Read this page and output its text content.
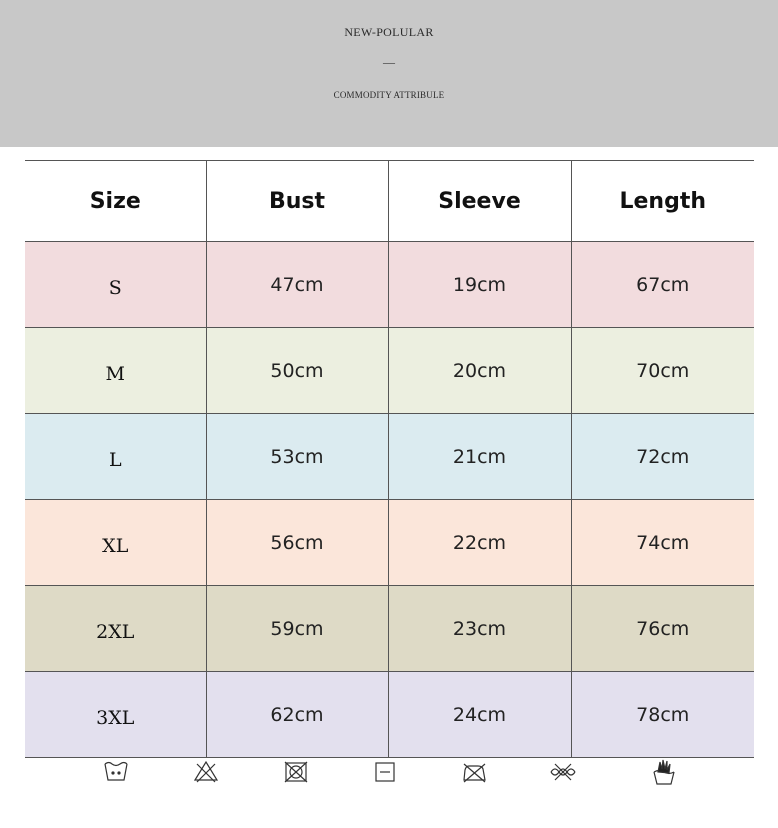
NEW-POLULAR
—
COMMODITY ATTRIBULE
Size	Bust	Sleeve	Length
S	47cm	19cm	67cm
M	50cm	20cm	70cm
L	53cm	21cm	72cm
XL	56cm	22cm	74cm
2XL	59cm	23cm	76cm
3XL	62cm	24cm	78cm
